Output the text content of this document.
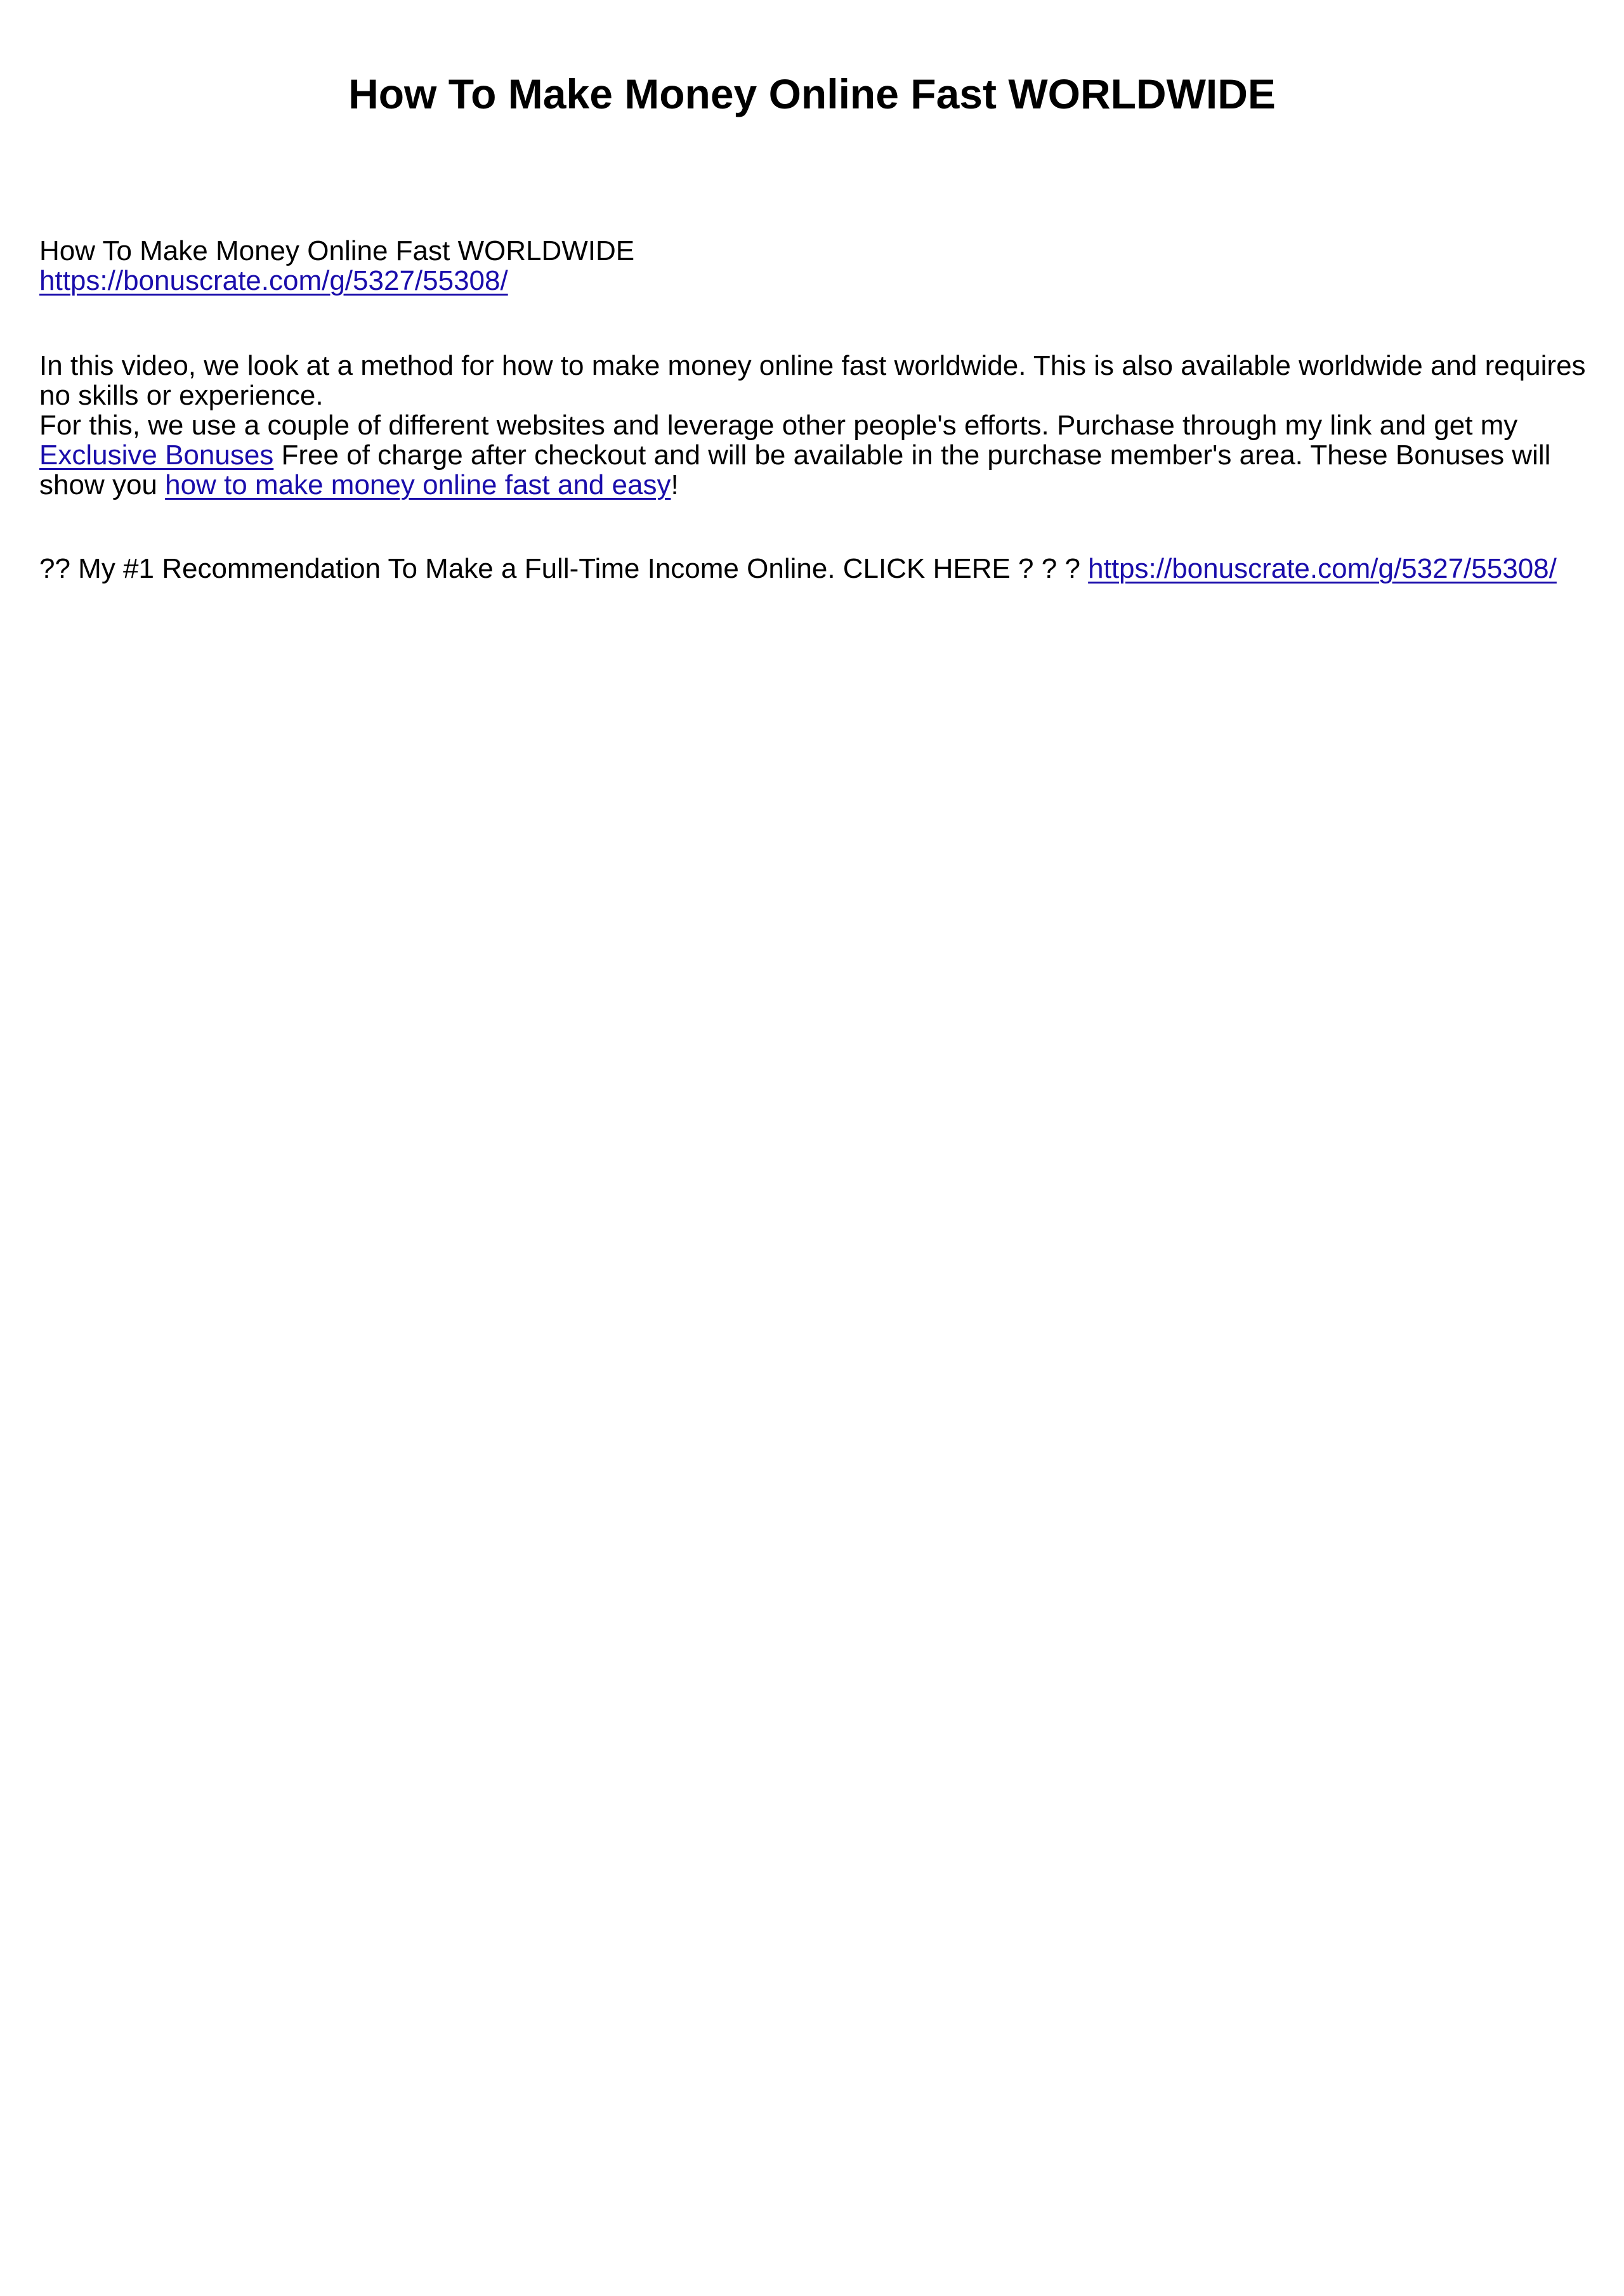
How To Make Money Online Fast WORLDWIDE

How To Make Money Online Fast WORLDWIDE

https://bonuscrate.com/g/5327/55308/

In this video, we look at a method for how to make money online fast worldwide. This is also available worldwide and requires no skills or experience.

For this, we use a couple of different websites and leverage other people's efforts. Purchase through my link and get my Exclusive Bonuses Free of charge after checkout and will be available in the purchase member's area. These Bonuses will show you how to make money online fast and easy!

?? My #1 Recommendation To Make a Full-Time Income Online. CLICK HERE ? ? ? https://bonuscrate.com/g/5327/55308/
